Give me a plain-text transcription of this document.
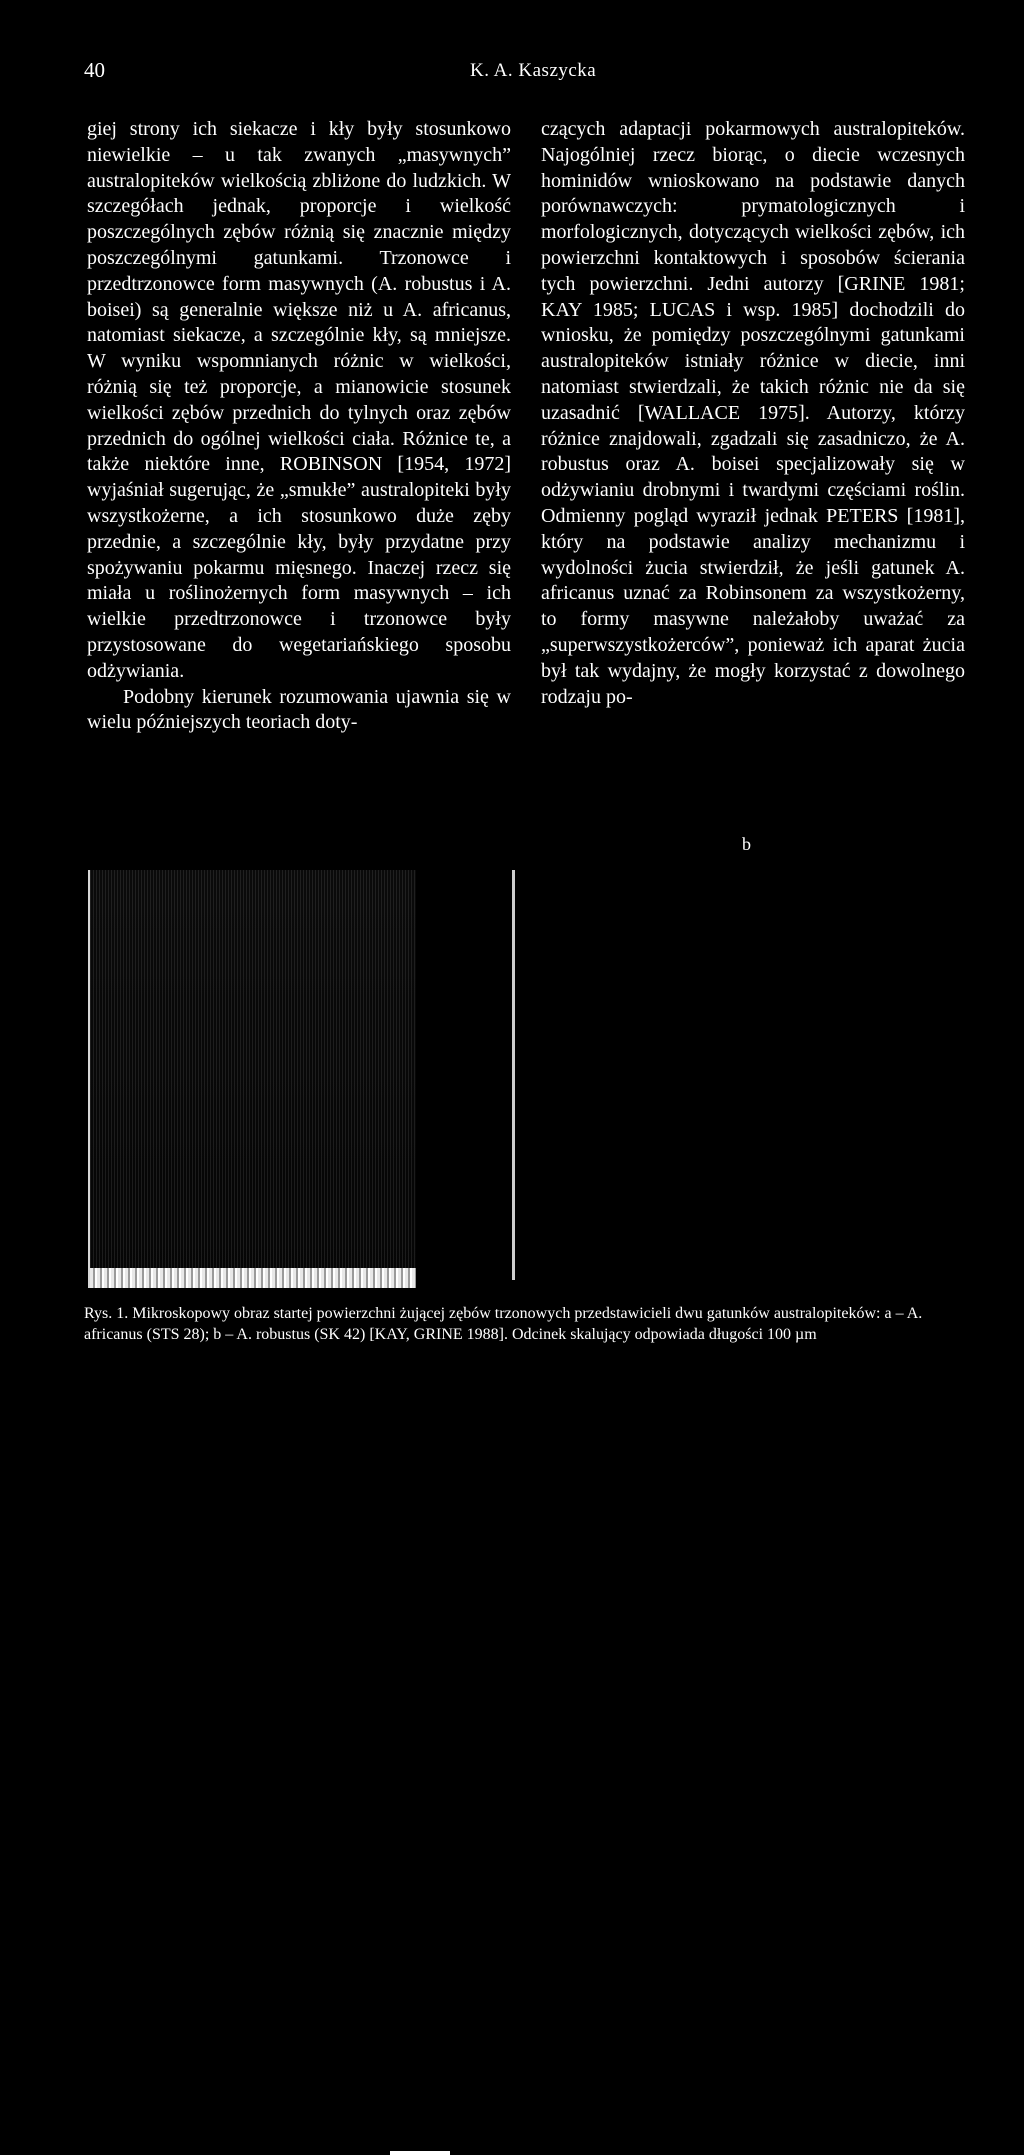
40	K. A. Kaszycka

giej strony ich siekacze i kły były stosunkowo niewielkie – u tak zwanych „masywnych” australopiteków wielkością zbliżone do ludzkich. W szczegółach jednak, proporcje i wielkość poszczególnych zębów różnią się znacznie między poszczególnymi gatunkami. Trzonowce i przedtrzonowce form masywnych (A. robustus i A. boisei) są generalnie większe niż u A. africanus, natomiast siekacze, a szczególnie kły, są mniejsze. W wyniku wspomnianych różnic w wielkości, różnią się też proporcje, a mianowicie stosunek wielkości zębów przednich do tylnych oraz zębów przednich do ogólnej wielkości ciała. Różnice te, a także niektóre inne, ROBINSON [1954, 1972] wyjaśniał sugerując, że „smukłe” australopiteki były wszystkożerne, a ich stosunkowo duże zęby przednie, a szczególnie kły, były przydatne przy spożywaniu pokarmu mięsnego. Inaczej rzecz się miała u roślinożernych form masywnych – ich wielkie przedtrzonowce i trzonowce były przystosowane do wegetariańskiego sposobu odżywiania.

Podobny kierunek rozumowania ujawnia się w wielu późniejszych teoriach doty-

czących adaptacji pokarmowych australopiteków. Najogólniej rzecz biorąc, o diecie wczesnych hominidów wnioskowano na podstawie danych porównawczych: prymatologicznych i morfologicznych, dotyczących wielkości zębów, ich powierzchni kontaktowych i sposobów ścierania tych powierzchni. Jedni autorzy [GRINE 1981; KAY 1985; LUCAS i wsp. 1985] dochodzili do wniosku, że pomiędzy poszczególnymi gatunkami australopiteków istniały różnice w diecie, inni natomiast stwierdzali, że takich różnic nie da się uzasadnić [WALLACE 1975]. Autorzy, którzy różnice znajdowali, zgadzali się zasadniczo, że A. robustus oraz A. boisei specjalizowały się w odżywianiu drobnymi i twardymi częściami roślin. Odmienny pogląd wyraził jednak PETERS [1981], który na podstawie analizy mechanizmu i wydolności żucia stwierdził, że jeśli gatunek A. africanus uznać za Robinsonem za wszystkożerny, to formy masywne należałoby uważać za „superwszystkożerców”, ponieważ ich aparat żucia był tak wydajny, że mogły korzystać z dowolnego rodzaju po-

b
Rys. 1. Mikroskopowy obraz startej powierzchni żującej zębów trzonowych przedstawicieli dwu gatunków australopiteków: a – A. africanus (STS 28); b – A. robustus (SK 42) [KAY, GRINE 1988]. Odcinek skalujący odpowiada długości 100 µm
